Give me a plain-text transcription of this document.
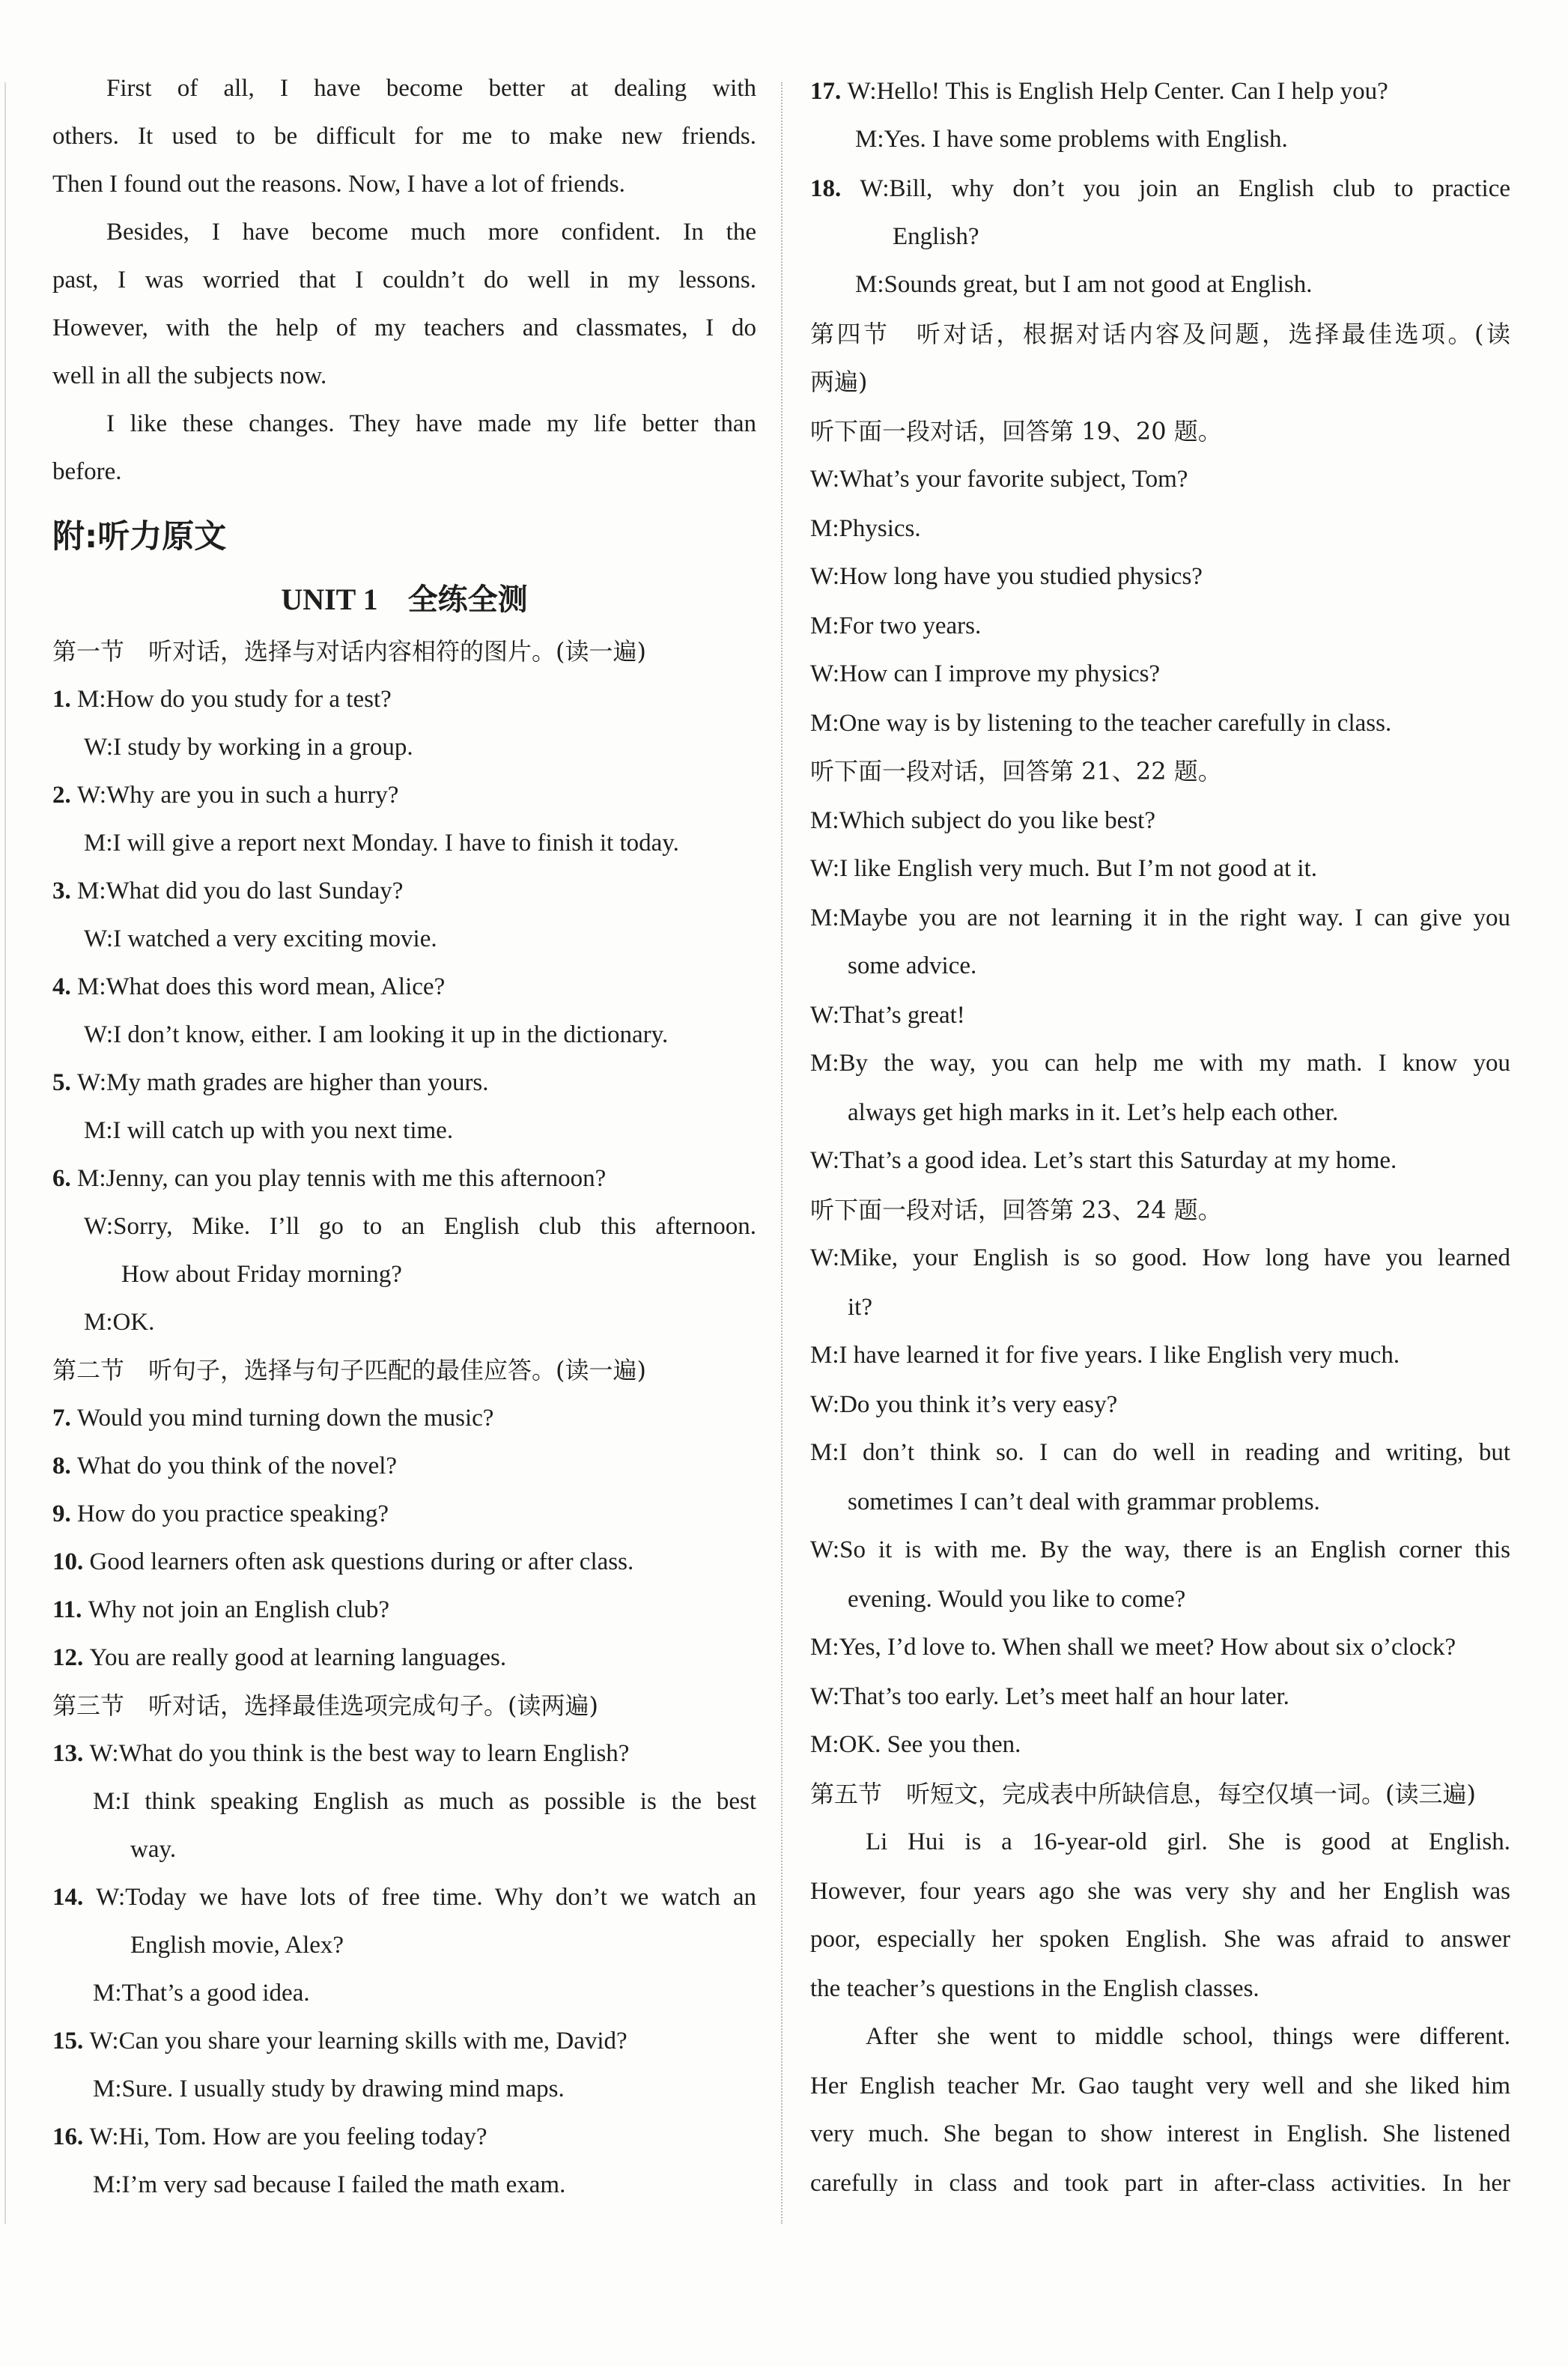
First of all, I have become better at dealing with
others. It used to be difficult for me to make new friends.
Then I found out the reasons. Now, I have a lot of friends.
Besides, I have become much more confident. In the
past, I was worried that I couldn’t do well in my lessons.
However, with the help of my teachers and classmates, I do
well in all the subjects now.
I like these changes. They have made my life better than
before.
附:听力原文
UNIT 1　全练全测
第一节　听对话，选择与对话内容相符的图片。(读一遍)
1. M:How do you study for a test?
W:I study by working in a group.
2. W:Why are you in such a hurry?
M:I will give a report next Monday. I have to finish it today.
3. M:What did you do last Sunday?
W:I watched a very exciting movie.
4. M:What does this word mean, Alice?
W:I don’t know, either. I am looking it up in the dictionary.
5. W:My math grades are higher than yours.
M:I will catch up with you next time.
6. M:Jenny, can you play tennis with me this afternoon?
W:Sorry, Mike. I’ll go to an English club this afternoon.
How about Friday morning?
M:OK.
第二节　听句子，选择与句子匹配的最佳应答。(读一遍)
7. Would you mind turning down the music?
8. What do you think of the novel?
9. How do you practice speaking?
10. Good learners often ask questions during or after class.
11. Why not join an English club?
12. You are really good at learning languages.
第三节　听对话，选择最佳选项完成句子。(读两遍)
13. W:What do you think is the best way to learn English?
M:I think speaking English as much as possible is the best
way.
14. W:Today we have lots of free time. Why don’t we watch an
English movie, Alex?
M:That’s a good idea.
15. W:Can you share your learning skills with me, David?
M:Sure. I usually study by drawing mind maps.
16. W:Hi, Tom. How are you feeling today?
M:I’m very sad because I failed the math exam.
17. W:Hello! This is English Help Center. Can I help you?
M:Yes. I have some problems with English.
18. W:Bill, why don’t you join an English club to practice
English?
M:Sounds great, but I am not good at English.
第四节　听对话，根据对话内容及问题，选择最佳选项。(读
两遍)
听下面一段对话，回答第 19、20 题。
W:What’s your favorite subject, Tom?
M:Physics.
W:How long have you studied physics?
M:For two years.
W:How can I improve my physics?
M:One way is by listening to the teacher carefully in class.
听下面一段对话，回答第 21、22 题。
M:Which subject do you like best?
W:I like English very much. But I’m not good at it.
M:Maybe you are not learning it in the right way. I can give you
some advice.
W:That’s great!
M:By the way, you can help me with my math. I know you
always get high marks in it. Let’s help each other.
W:That’s a good idea. Let’s start this Saturday at my home.
听下面一段对话，回答第 23、24 题。
W:Mike, your English is so good. How long have you learned
it?
M:I have learned it for five years. I like English very much.
W:Do you think it’s very easy?
M:I don’t think so. I can do well in reading and writing, but
sometimes I can’t deal with grammar problems.
W:So it is with me. By the way, there is an English corner this
evening. Would you like to come?
M:Yes, I’d love to. When shall we meet? How about six o’clock?
W:That’s too early. Let’s meet half an hour later.
M:OK. See you then.
第五节　听短文，完成表中所缺信息，每空仅填一词。(读三遍)
Li Hui is a 16-year-old girl. She is good at English.
However, four years ago she was very shy and her English was
poor, especially her spoken English. She was afraid to answer
the teacher’s questions in the English classes.
After she went to middle school, things were different.
Her English teacher Mr. Gao taught very well and she liked him
very much. She began to show interest in English. She listened
carefully in class and took part in after-class activities. In her
